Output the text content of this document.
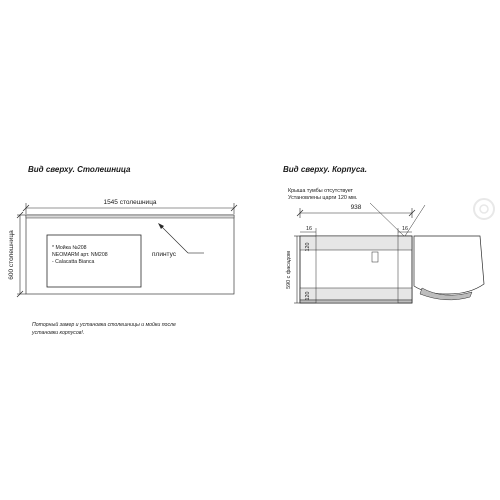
Вид сверху. Столешница
1545 столешница
600 столешница	* Мойка №208
NEOMARM арт. NM208
- Calacatta Bianca
плинтус
Поторный замер и установка столешницы и мойки после
установки корпусов!.
Вид сверху. Корпуса.
Крыша тумбы отсутствует
Установлены царги 120 мм.
938
16	16
590 с фасадом
120
120
